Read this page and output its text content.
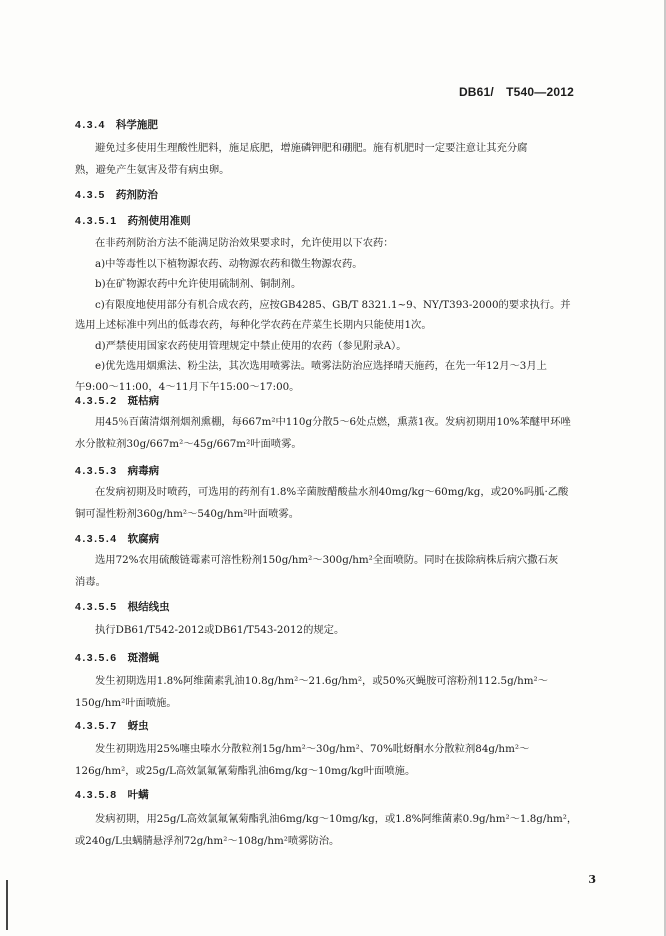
DB61/　T540—2012
4.3.4 科学施肥
避免过多使用生理酸性肥料，施足底肥，增施磷钾肥和硼肥。施有机肥时一定要注意让其充分腐
熟，避免产生氨害及带有病虫卵。
4.3.5 药剂防治
4.3.5.1 药剂使用准则
在非药剂防治方法不能满足防治效果要求时，允许使用以下农药：
a)中等毒性以下植物源农药、动物源农药和微生物源农药。
b)在矿物源农药中允许使用硫制剂、铜制剂。
c)有限度地使用部分有机合成农药，应按GB4285、GB/T 8321.1~9、NY/T393-2000的要求执行。并
选用上述标准中列出的低毒农药，每种化学农药在芹菜生长期内只能使用1次。
d)严禁使用国家农药使用管理规定中禁止使用的农药（参见附录A）。
e)优先选用烟熏法、粉尘法，其次选用喷雾法。喷雾法防治应选择晴天施药，在先一年12月～3月上
午9:00～11:00，4～11月下午15:00～17:00。
4.3.5.2 斑枯病
用45％百菌清烟剂烟剂熏棚，每667m²中110g分散5～6处点燃，熏蒸1夜。发病初期用10%苯醚甲环唑
水分散粒剂30g/667m²～45g/667m²叶面喷雾。
4.3.5.3 病毒病
在发病初期及时喷药，可选用的药剂有1.8%辛菌胺醋酸盐水剂40mg/kg～60mg/kg，或20%吗胍·乙酸
铜可湿性粉剂360g/hm²～540g/hm²叶面喷雾。
4.3.5.4 软腐病
选用72%农用硫酸链霉素可溶性粉剂150g/hm²～300g/hm²全面喷防。同时在拔除病株后病穴撒石灰
消毒。
4.3.5.5 根结线虫
执行DB61/T542-2012或DB61/T543-2012的规定。
4.3.5.6 斑潜蝇
发生初期选用1.8%阿维菌素乳油10.8g/hm²～21.6g/hm²，或50%灭蝇胺可溶粉剂112.5g/hm²～
150g/hm²叶面喷施。
4.3.5.7 蚜虫
发生初期选用25%噻虫嗪水分散粒剂15g/hm²～30g/hm²、70%吡蚜酮水分散粒剂84g/hm²～
126g/hm²，或25g/L高效氯氟氰菊酯乳油6mg/kg～10mg/kg叶面喷施。
4.3.5.8 叶螨
发病初期，用25g/L高效氯氟氰菊酯乳油6mg/kg～10mg/kg，或1.8%阿维菌素0.9g/hm²～1.8g/hm²，
或240g/L虫螨腈悬浮剂72g/hm²～108g/hm²喷雾防治。
3
